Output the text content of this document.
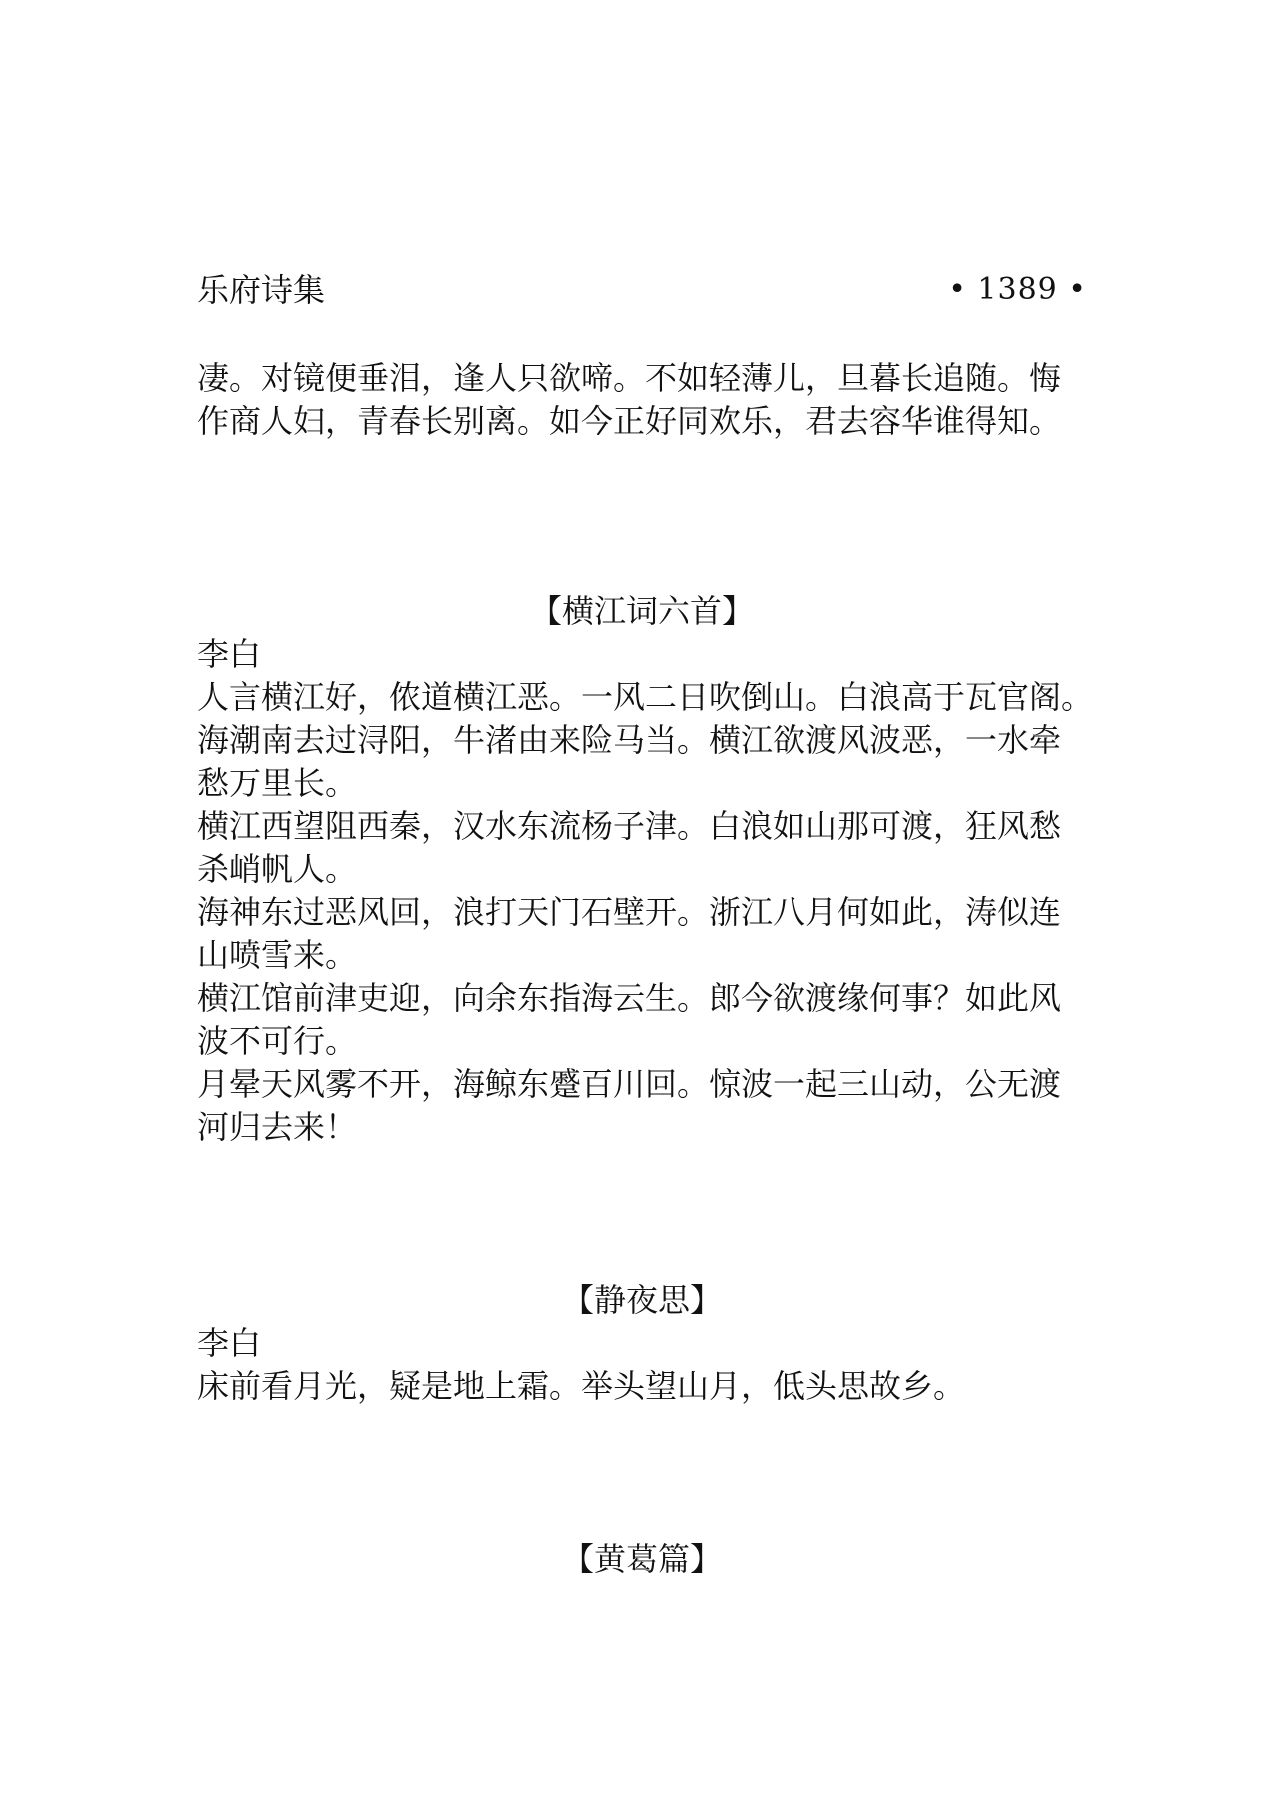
乐府诗集	• 1389 •

凄。对镜便垂泪，逢人只欲啼。不如轻薄儿，旦暮长追随。悔

作商人妇，青春长别离。如今正好同欢乐，君去容华谁得知。

【横江词六首】

李白

人言横江好，侬道横江恶。一风二日吹倒山。白浪高于瓦官阁。

海潮南去过浔阳，牛渚由来险马当。横江欲渡风波恶，一水牵

愁万里长。

横江西望阻西秦，汉水东流杨子津。白浪如山那可渡，狂风愁

杀峭帆人。

海神东过恶风回，浪打天门石壁开。浙江八月何如此，涛似连

山喷雪来。

横江馆前津吏迎，向余东指海云生。郎今欲渡缘何事？如此风

波不可行。

月晕天风雾不开，海鲸东蹙百川回。惊波一起三山动，公无渡

河归去来！

【静夜思】

李白

床前看月光，疑是地上霜。举头望山月，低头思故乡。

【黄葛篇】
